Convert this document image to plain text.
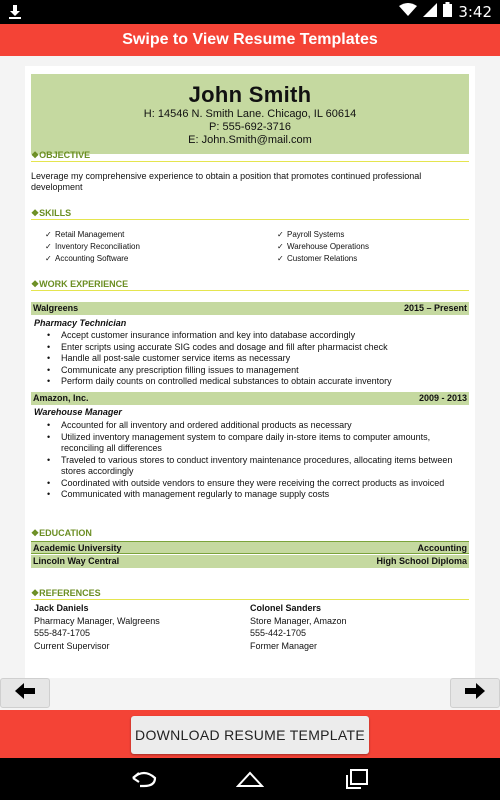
3:42
Swipe to View Resume Templates
John Smith
H: 14546 N. Smith Lane. Chicago, IL 60614
P: 555-692-3716
E: John.Smith@mail.com
❖OBJECTIVE
Leverage my comprehensive experience to obtain a position that promotes continued professional development
❖SKILLS
✓ Retail Management
✓ Inventory Reconciliation
✓ Accounting Software
✓ Payroll Systems
✓ Warehouse Operations
✓ Customer Relations
❖WORK EXPERIENCE
Walgreens	2015 – Present
Pharmacy Technician
• Accept customer insurance information and key into database accordingly
• Enter scripts using accurate SIG codes and dosage and fill after pharmacist check
• Handle all post-sale customer service items as necessary
• Communicate any prescription filling issues to management
• Perform daily counts on controlled medical substances to obtain accurate inventory
Amazon, Inc.	2009 - 2013
Warehouse Manager
• Accounted for all inventory and ordered additional products as necessary
• Utilized inventory management system to compare daily in-store items to computer amounts, reconciling all differences
• Traveled to various stores to conduct inventory maintenance procedures, allocating items between stores accordingly
• Coordinated with outside vendors to ensure they were receiving the correct products as invoiced
• Communicated with management regularly to manage supply costs
❖EDUCATION
Academic University	Accounting
Lincoln Way Central	High School Diploma
❖REFERENCES
Jack Daniels
Pharmacy Manager, Walgreens
555-847-1705
Current Supervisor
Colonel Sanders
Store Manager, Amazon
555-442-1705
Former Manager
DOWNLOAD RESUME TEMPLATE
